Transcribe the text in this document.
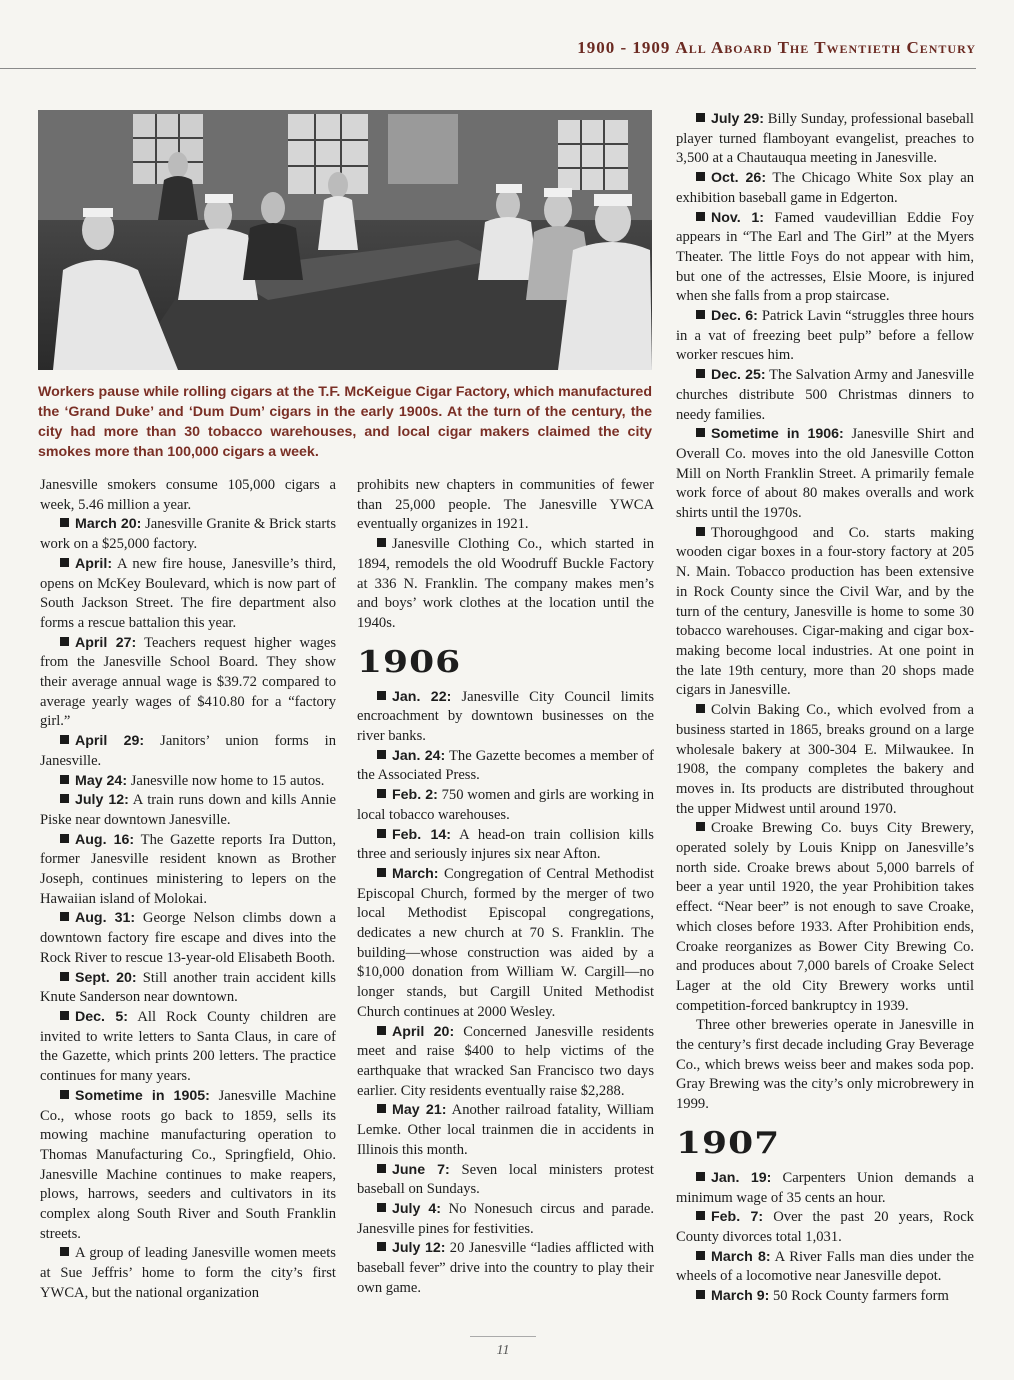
1900 - 1909 All Aboard The Twentieth Century
Workers pause while rolling cigars at the T.F. McKeigue Cigar Factory, which manufactured the ‘Grand Duke’ and ‘Dum Dum’ cigars in the early 1900s. At the turn of the century, the city had more than 30 tobacco warehouses, and local cigar makers claimed the city smokes more than 100,000 cigars a week.

Janesville smokers consume 105,000 cigars a week, 5.46 million a year.

March 20: Janesville Granite & Brick starts work on a $25,000 factory.

April: A new fire house, Janesville’s third, opens on McKey Boulevard, which is now part of South Jackson Street. The fire department also forms a rescue battalion this year.

April 27: Teachers request higher wages from the Janesville School Board. They show their average annual wage is $39.72 compared to average yearly wages of $410.80 for a “factory girl.”

April 29: Janitors’ union forms in Janesville.

May 24: Janesville now home to 15 autos.

July 12: A train runs down and kills Annie Piske near downtown Janesville.

Aug. 16: The Gazette reports Ira Dutton, former Janesville resident known as Brother Joseph, continues ministering to lepers on the Hawaiian island of Molokai.

Aug. 31: George Nelson climbs down a downtown factory fire escape and dives into the Rock River to rescue 13-year-old Elisabeth Booth.

Sept. 20: Still another train accident kills Knute Sanderson near downtown.

Dec. 5: All Rock County children are invited to write letters to Santa Claus, in care of the Gazette, which prints 200 letters. The practice continues for many years.

Sometime in 1905: Janesville Machine Co., whose roots go back to 1859, sells its mowing machine manufacturing operation to Thomas Manufacturing Co., Springfield, Ohio. Janesville Machine continues to make reapers, plows, harrows, seeders and cultivators in its complex along South River and South Franklin streets.

A group of leading Janesville women meets at Sue Jeffris’ home to form the city’s first YWCA, but the national organization

prohibits new chapters in communities of fewer than 25,000 people. The Janesville YWCA eventually organizes in 1921.

Janesville Clothing Co., which started in 1894, remodels the old Woodruff Buckle Factory at 336 N. Franklin. The company makes men’s and boys’ work clothes at the location until the 1940s.

1906

Jan. 22: Janesville City Council limits encroachment by downtown businesses on the river banks.

Jan. 24: The Gazette becomes a member of the Associated Press.

Feb. 2: 750 women and girls are working in local tobacco warehouses.

Feb. 14: A head-on train collision kills three and seriously injures six near Afton.

March: Congregation of Central Methodist Episcopal Church, formed by the merger of two local Methodist Episcopal congregations, dedicates a new church at 70 S. Franklin. The building—whose construction was aided by a $10,000 donation from William W. Cargill—no longer stands, but Cargill United Methodist Church continues at 2000 Wesley.

April 20: Concerned Janesville residents meet and raise $400 to help victims of the earthquake that wracked San Francisco two days earlier. City residents eventually raise $2,288.

May 21: Another railroad fatality, William Lemke. Other local trainmen die in accidents in Illinois this month.

June 7: Seven local ministers protest baseball on Sundays.

July 4: No Nonesuch circus and parade. Janesville pines for festivities.

July 12: 20 Janesville “ladies afflicted with baseball fever” drive into the country to play their own game.

July 29: Billy Sunday, professional baseball player turned flamboyant evangelist, preaches to 3,500 at a Chautauqua meeting in Janesville.

Oct. 26: The Chicago White Sox play an exhibition baseball game in Edgerton.

Nov. 1: Famed vaudevillian Eddie Foy appears in “The Earl and The Girl” at the Myers Theater. The little Foys do not appear with him, but one of the actresses, Elsie Moore, is injured when she falls from a prop staircase.

Dec. 6: Patrick Lavin “struggles three hours in a vat of freezing beet pulp” before a fellow worker rescues him.

Dec. 25: The Salvation Army and Janesville churches distribute 500 Christmas dinners to needy families.

Sometime in 1906: Janesville Shirt and Overall Co. moves into the old Janesville Cotton Mill on North Franklin Street. A primarily female work force of about 80 makes overalls and work shirts until the 1970s.

Thoroughgood and Co. starts making wooden cigar boxes in a four-story factory at 205 N. Main. Tobacco production has been extensive in Rock County since the Civil War, and by the turn of the century, Janesville is home to some 30 tobacco warehouses. Cigar-making and cigar box-making become local industries. At one point in the late 19th century, more than 20 shops made cigars in Janesville.

Colvin Baking Co., which evolved from a business started in 1865, breaks ground on a large wholesale bakery at 300-304 E. Milwaukee. In 1908, the company completes the bakery and moves in. Its products are distributed throughout the upper Midwest until around 1970.

Croake Brewing Co. buys City Brewery, operated solely by Louis Knipp on Janesville’s north side. Croake brews about 5,000 barrels of beer a year until 1920, the year Prohibition takes effect. “Near beer” is not enough to save Croake, which closes before 1933. After Prohibition ends, Croake reorganizes as Bower City Brewing Co. and produces about 7,000 barels of Croake Select Lager at the old City Brewery works until competition-forced bankruptcy in 1939.

Three other breweries operate in Janesville in the century’s first decade including Gray Beverage Co., which brews weiss beer and makes soda pop. Gray Brewing was the city’s only microbrewery in 1999.

1907

Jan. 19: Carpenters Union demands a minimum wage of 35 cents an hour.

Feb. 7: Over the past 20 years, Rock County divorces total 1,031.

March 8: A River Falls man dies under the wheels of a locomotive near Janesville depot.

March 9: 50 Rock County farmers form

11
